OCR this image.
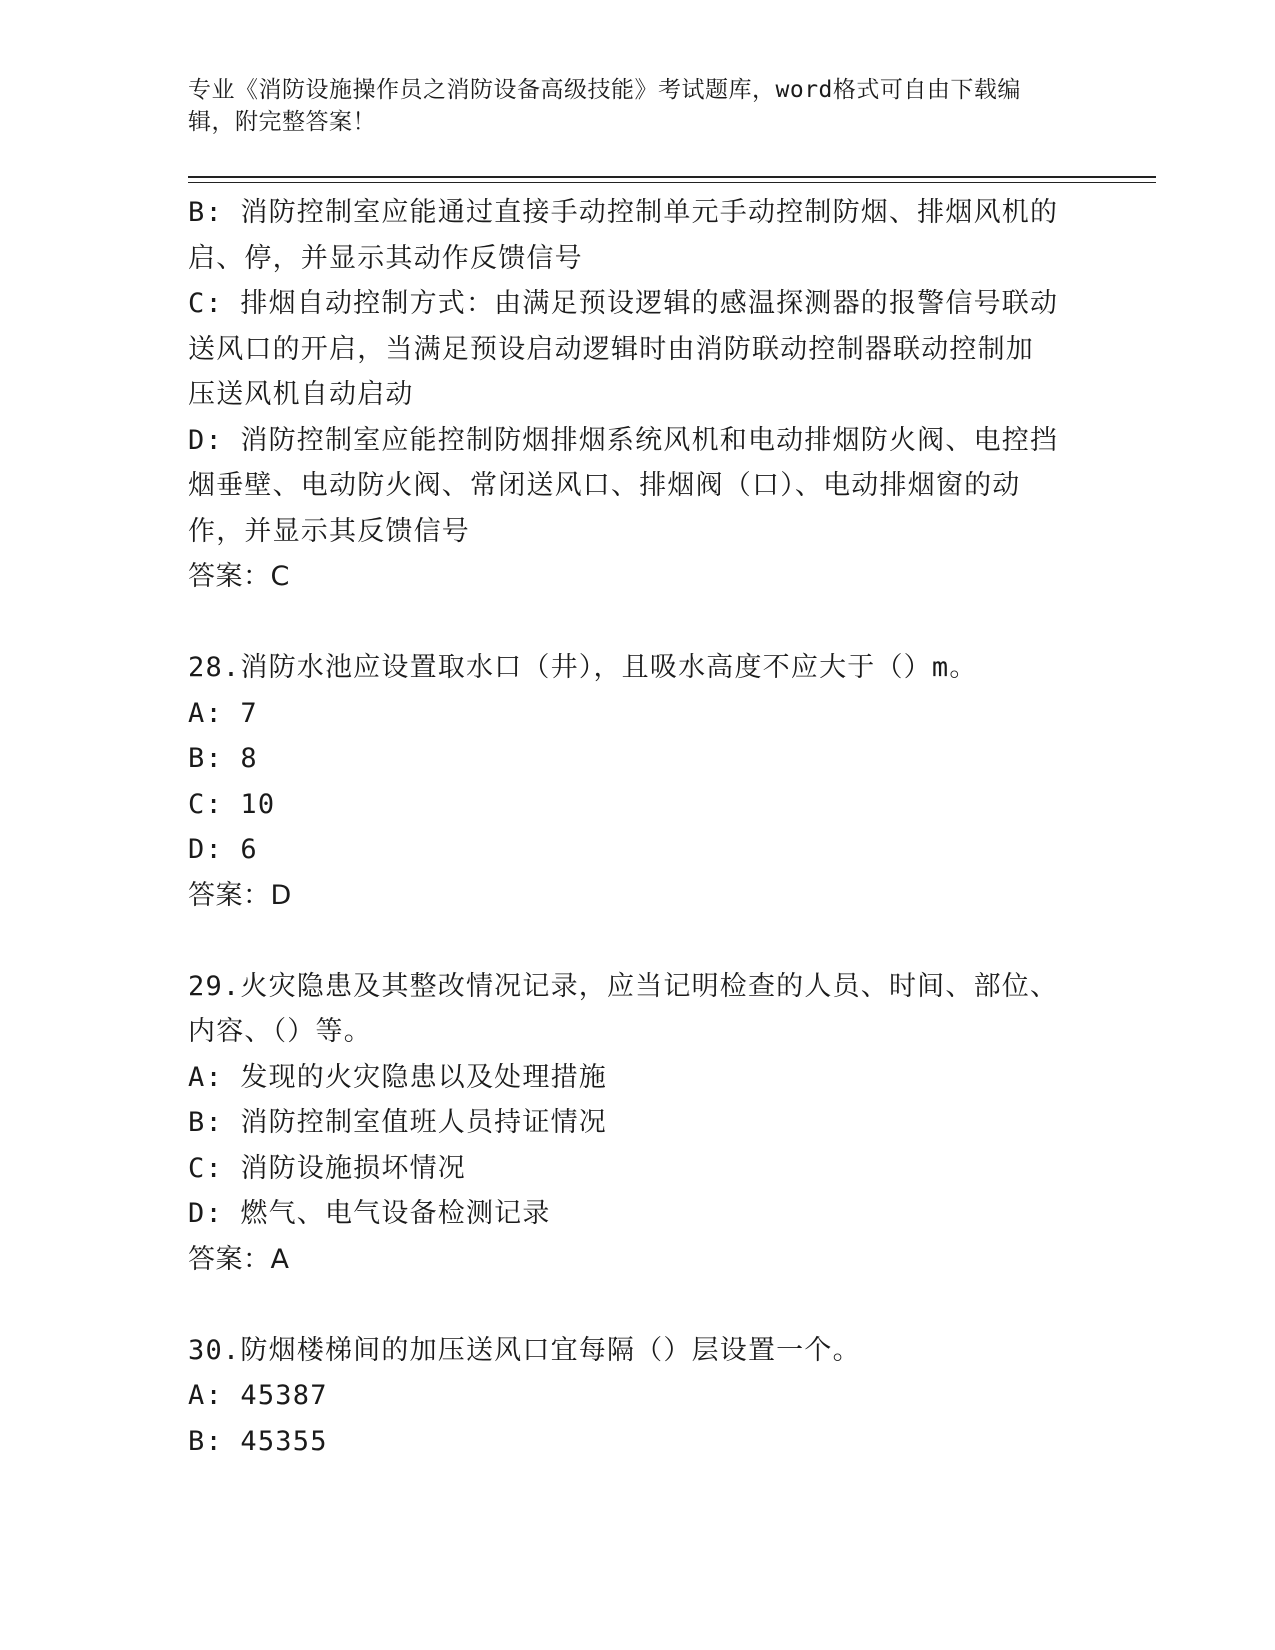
专业《消防设施操作员之消防设备高级技能》考试题库，word格式可自由下载编
辑，附完整答案！
B: 消防控制室应能通过直接手动控制单元手动控制防烟、排烟风机的
启、停，并显示其动作反馈信号
C: 排烟自动控制方式：由满足预设逻辑的感温探测器的报警信号联动
送风口的开启，当满足预设启动逻辑时由消防联动控制器联动控制加
压送风机自动启动
D: 消防控制室应能控制防烟排烟系统风机和电动排烟防火阀、电控挡
烟垂壁、电动防火阀、常闭送风口、排烟阀（口）、电动排烟窗的动
作，并显示其反馈信号
答案：C
28.消防水池应设置取水口（井），且吸水高度不应大于（）m。
A: 7
B: 8
C: 10
D: 6
答案：D
29.火灾隐患及其整改情况记录，应当记明检查的人员、时间、部位、
内容、（）等。
A: 发现的火灾隐患以及处理措施
B: 消防控制室值班人员持证情况
C: 消防设施损坏情况
D: 燃气、电气设备检测记录
答案：A
30.防烟楼梯间的加压送风口宜每隔（）层设置一个。
A: 45387
B: 45355
